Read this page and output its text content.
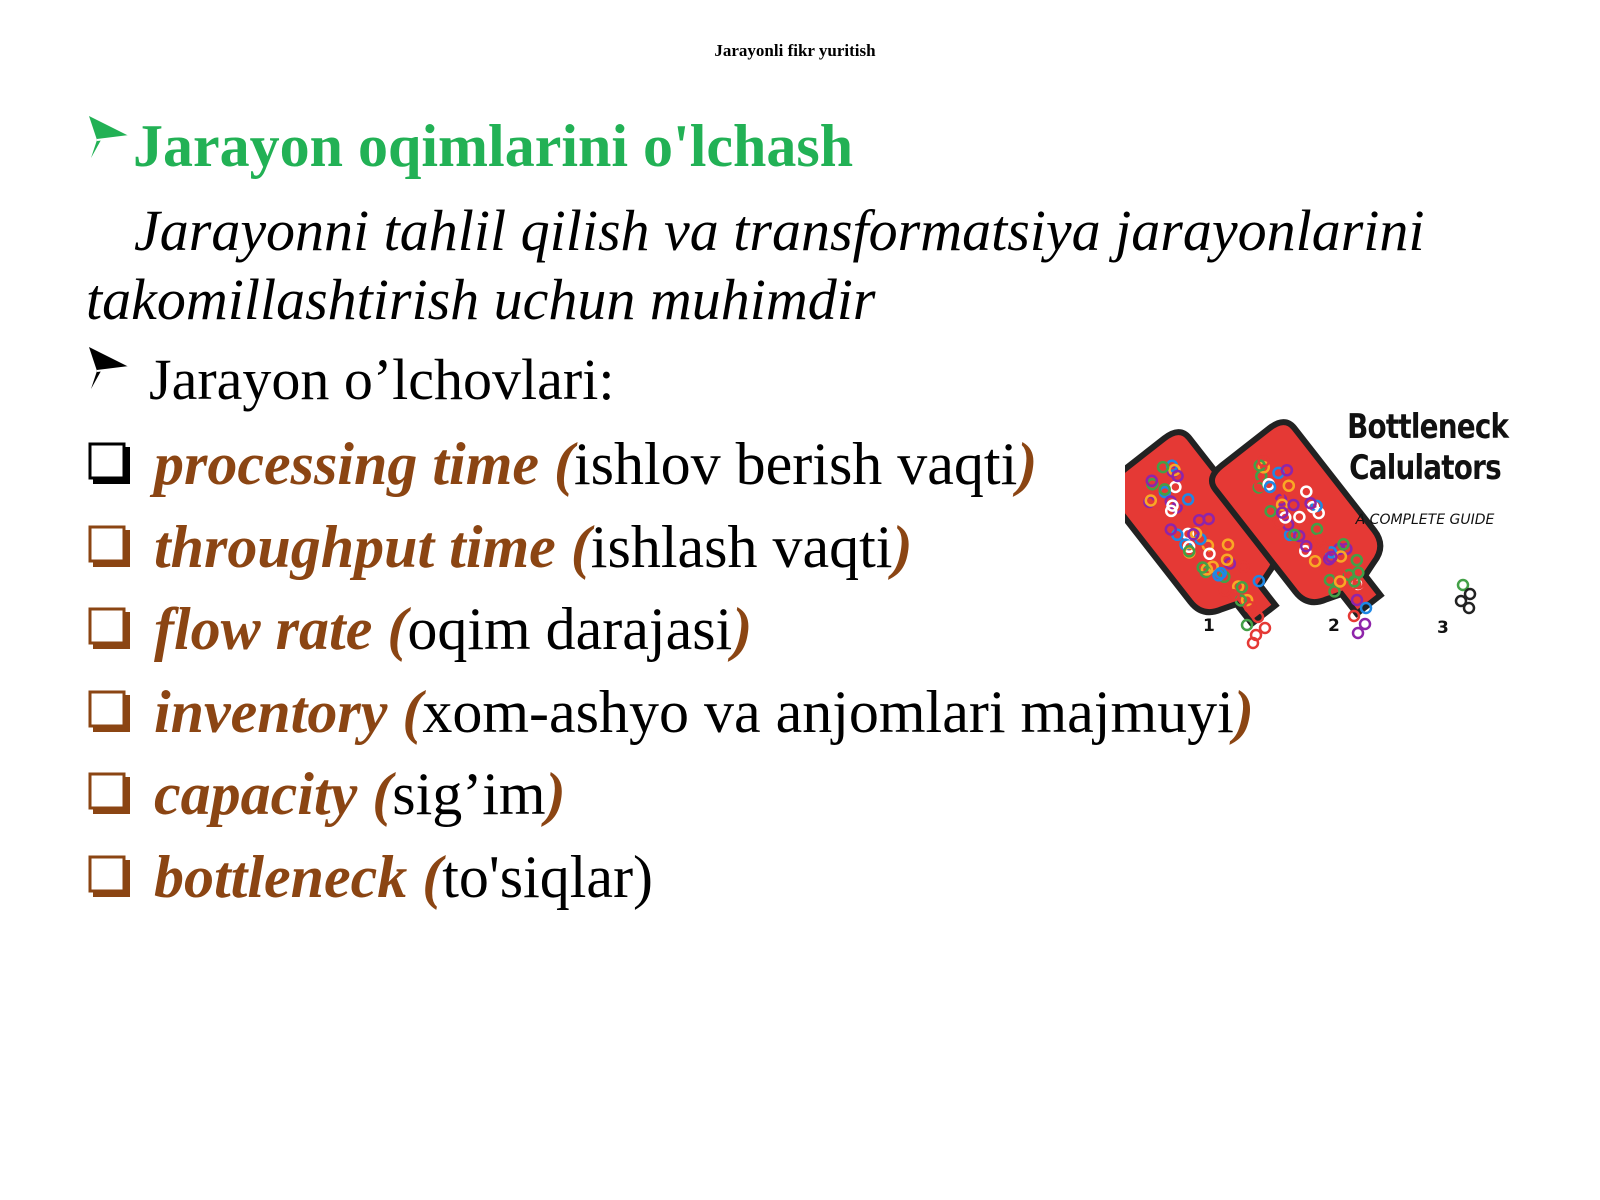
Jarayonli fikr yuritish
Jarayon oqimlarini o'lchash
Jarayonni tahlil qilish va transformatsiya jarayonlarini takomillashtirish uchun muhimdir
Jarayon o’lchovlari:
processing time (ishlov berish vaqti)
throughput time (ishlash vaqti)
flow rate (oqim darajasi)
inventory (xom-ashyo va anjomlari majmuyi)
capacity (sig’im)
bottleneck (to'siqlar)
Bottleneck
Calulators
A COMPLETE GUIDE
1	2	3
